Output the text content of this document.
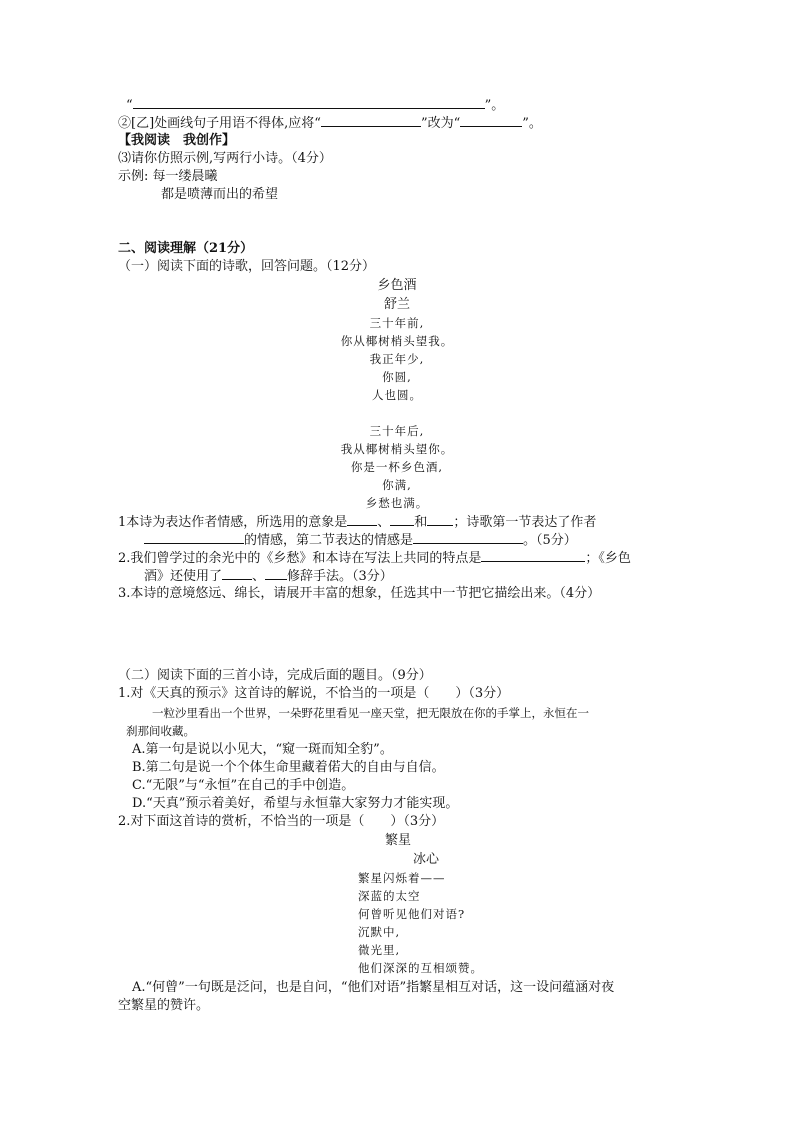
“	”。
②[乙]处画线句子用语不得体,应将“	”改为“	”。
【我阅读　我创作】
⑶请你仿照示例,写两行小诗。（4分）
示例: 每一缕晨曦
都是喷薄而出的希望
二、阅读理解（21分）
（一）阅读下面的诗歌，回答问题。（12分）
乡色酒
舒兰
三十年前,
你从椰树梢头望我。
我正年少,
你圆,
人也圆。
三十年后,
我从椰树梢头望你。
你是一杯乡色酒,
你满,
乡愁也满。
1本诗为表达作者情感，所选用的意象是 、 和 ；诗歌第一节表达了作者
的情感，第二节表达的情感是	。（5分）
2.我们曾学过的余光中的《乡愁》和本诗在写法上共同的特点是	；《乡色
酒》还使用了 、 修辞手法。（3分）
3.本诗的意境悠远、绵长，请展开丰富的想象，任选其中一节把它描绘出来。（4分）
（二）阅读下面的三首小诗，完成后面的题目。（9分）
1.对《天真的预示》这首诗的解说，不恰当的一项是（　　）（3分）
一粒沙里看出一个世界，一朵野花里看见一座天堂，把无限放在你的手掌上，永恒在一
刹那间收藏。
A.第一句是说以小见大，“窥一斑而知全豹”。
B.第二句是说一个个体生命里藏着偌大的自由与自信。
C.“无限”与“永恒”在自己的手中创造。
D.“天真”预示着美好，希望与永恒靠大家努力才能实现。
2.对下面这首诗的赏析，不恰当的一项是（　　）（3分）
繁星
冰心
繁星闪烁着——
深蓝的太空
何曾听见他们对语?
沉默中,
微光里,
他们深深的互相颂赞。
A.“何曾”一句既是泛问，也是自问，“他们对语”指繁星相互对话，这一设问蕴涵对夜
空繁星的赞许。
